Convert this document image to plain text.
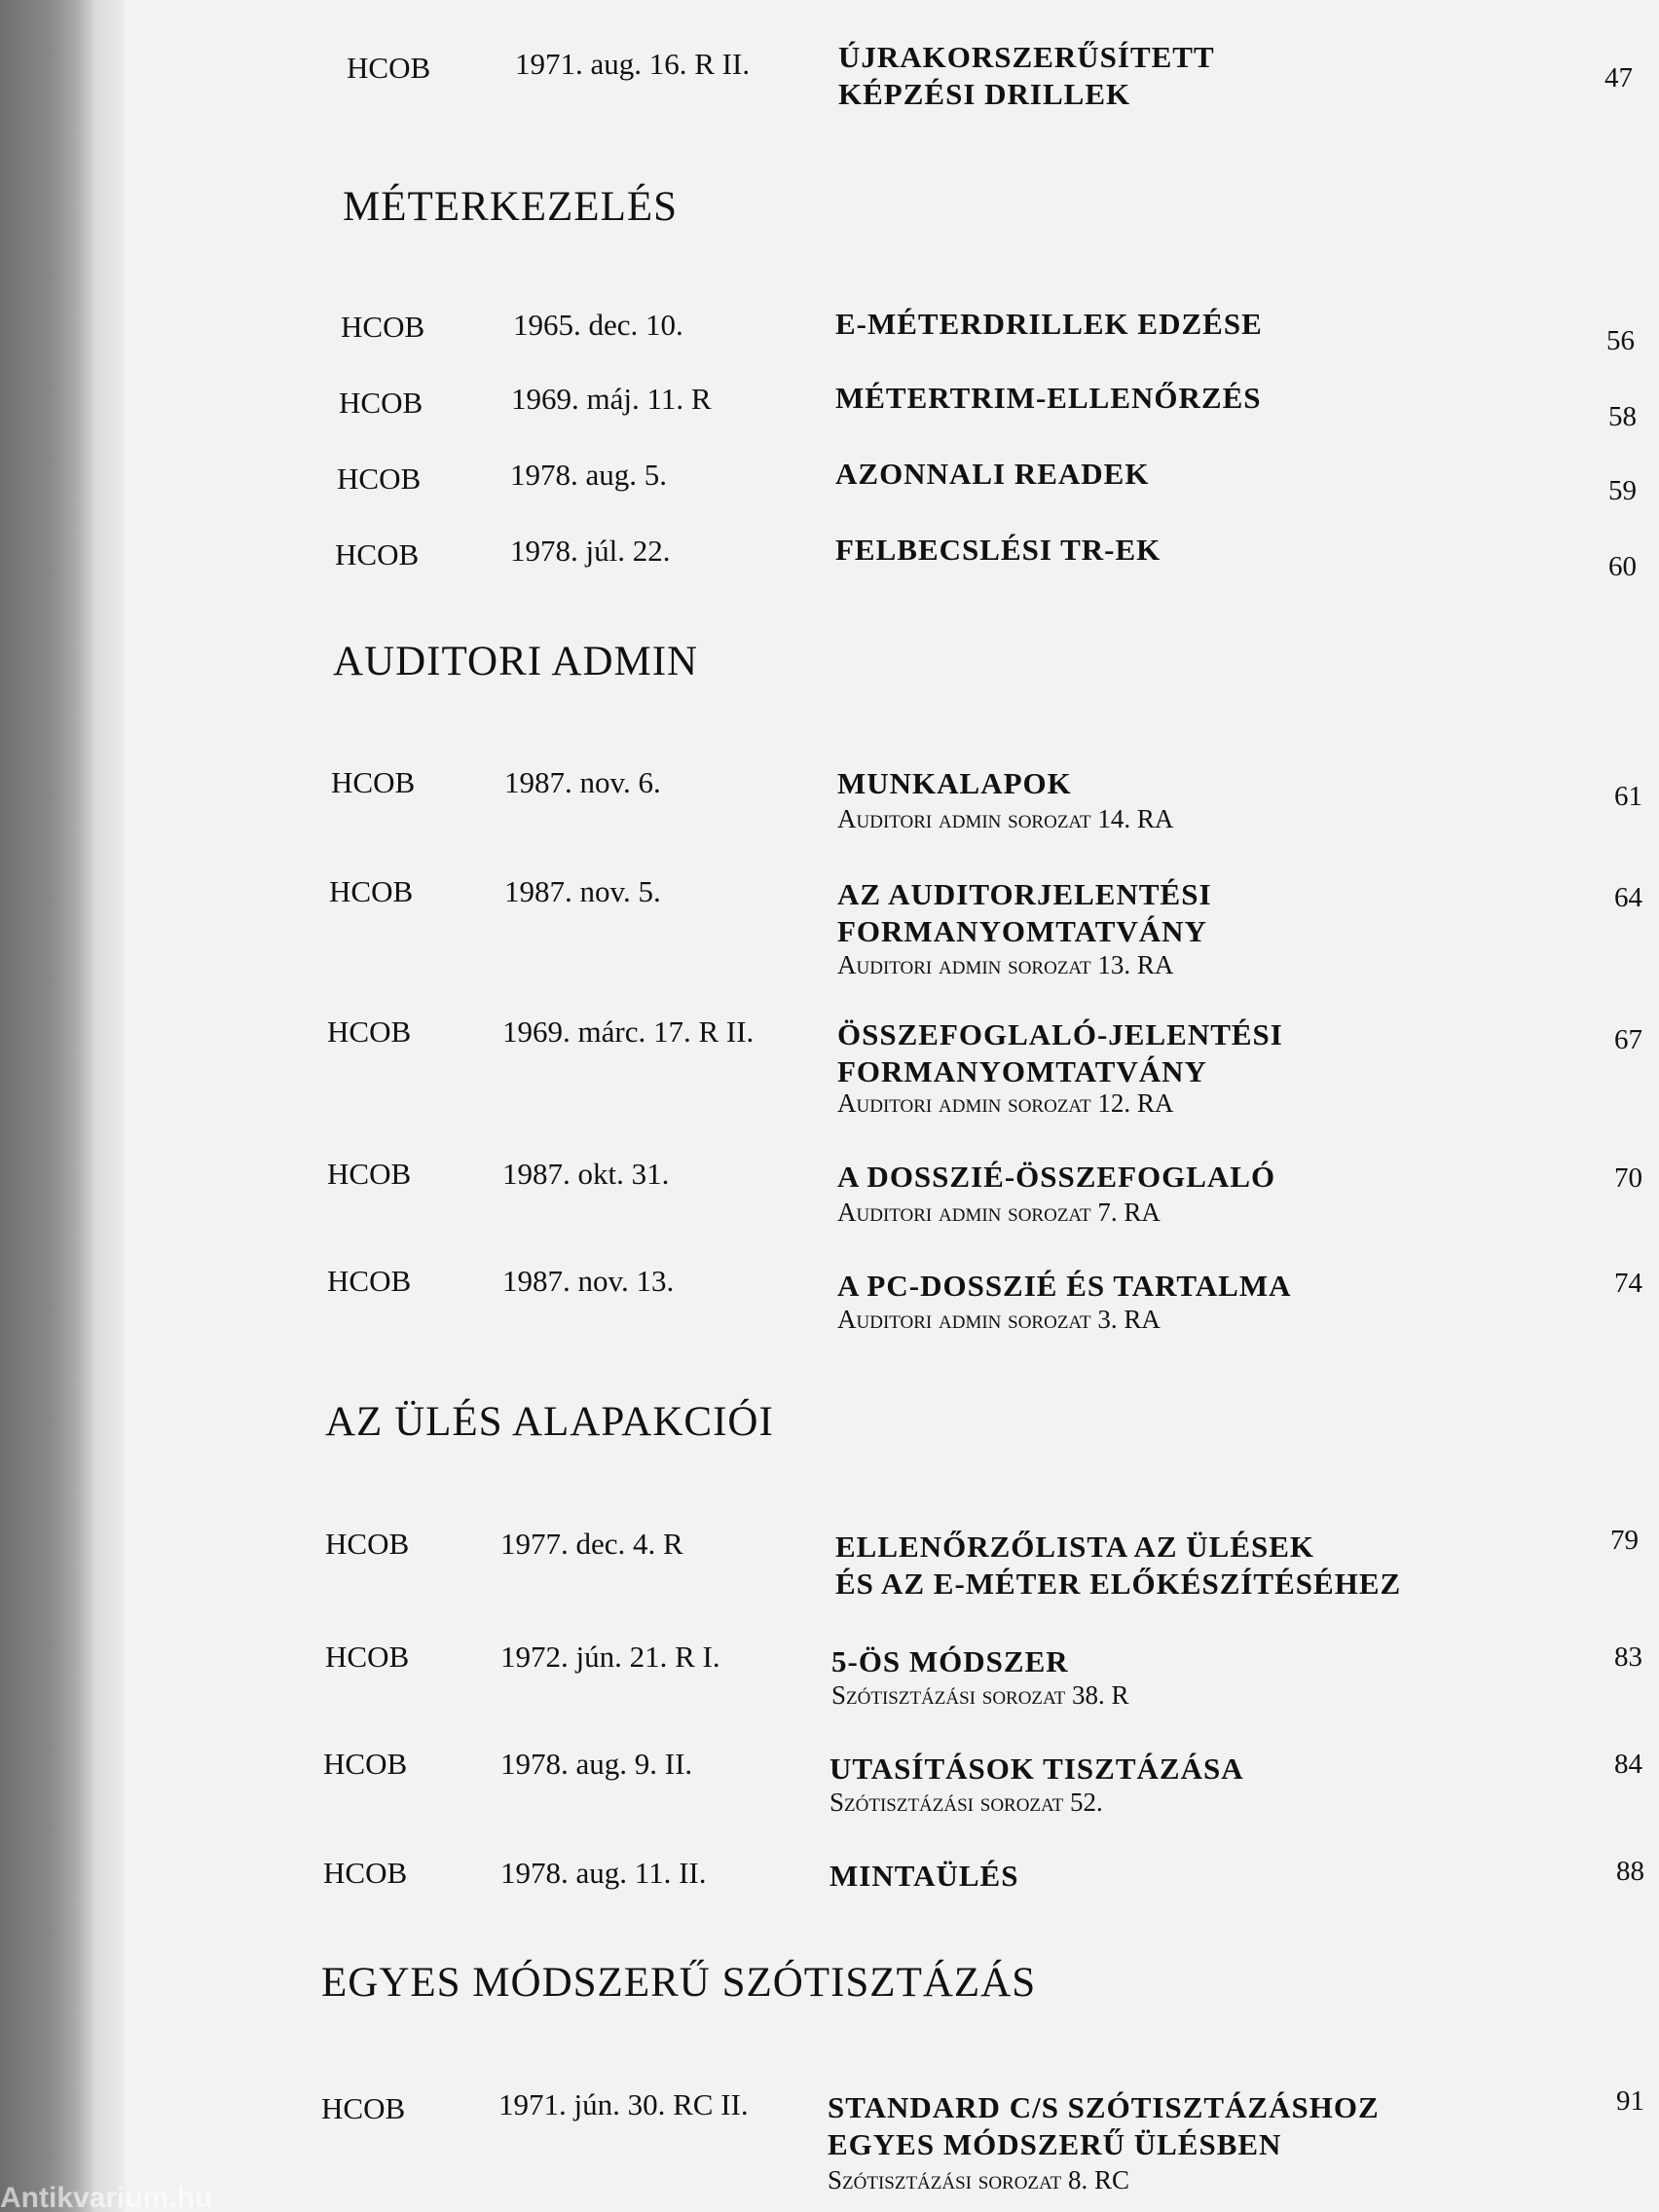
HCOB	1971. aug. 16. R II.	ÚJRAKORSZERŰSÍTETT
KÉPZÉSI DRILLEK	47
MÉTERKEZELÉS
HCOB	1965. dec. 10.	E-MÉTERDRILLEK EDZÉSE	56
HCOB	1969. máj. 11. R	MÉTERTRIM-ELLENŐRZÉS
58
HCOB	1978. aug. 5.	AZONNALI READEK	59
HCOB	1978. júl. 22.	FELBECSLÉSI TR-EK	60
AUDITORI ADMIN
HCOB	1987. nov. 6.	MUNKALAPOK
Auditori admin sorozat 14. RA
61
HCOB	1987. nov. 5.	AZ AUDITORJELENTÉSI
FORMANYOMTATVÁNY
Auditori admin sorozat 13. RA
64
HCOB	1969. márc. 17. R II.	ÖSSZEFOGLALÓ-JELENTÉSI
FORMANYOMTATVÁNY
Auditori admin sorozat 12. RA
67
HCOB	1987. okt. 31.	A DOSSZIÉ-ÖSSZEFOGLALÓ
Auditori admin sorozat 7. RA
70
HCOB	1987. nov. 13.	A PC-DOSSZIÉ ÉS TARTALMA
Auditori admin sorozat 3. RA
74
AZ ÜLÉS ALAPAKCIÓI
HCOB	1977. dec. 4. R	ELLENŐRZŐLISTA AZ ÜLÉSEK
ÉS AZ E-MÉTER ELŐKÉSZÍTÉSÉHEZ
79
HCOB	1972. jún. 21. R I.	5-ÖS MÓDSZER
Szótisztázási sorozat 38. R
83
HCOB	1978. aug. 9. II.	UTASÍTÁSOK TISZTÁZÁSA
Szótisztázási sorozat 52.
84
HCOB	1978. aug. 11. II.	MINTAÜLÉS	88
EGYES MÓDSZERŰ SZÓTISZTÁZÁS
HCOB	1971. jún. 30. RC II.	STANDARD C/S SZÓTISZTÁZÁSHOZ
EGYES MÓDSZERŰ ÜLÉSBEN
Szótisztázási sorozat 8. RC
91
Antikvarium.hu
